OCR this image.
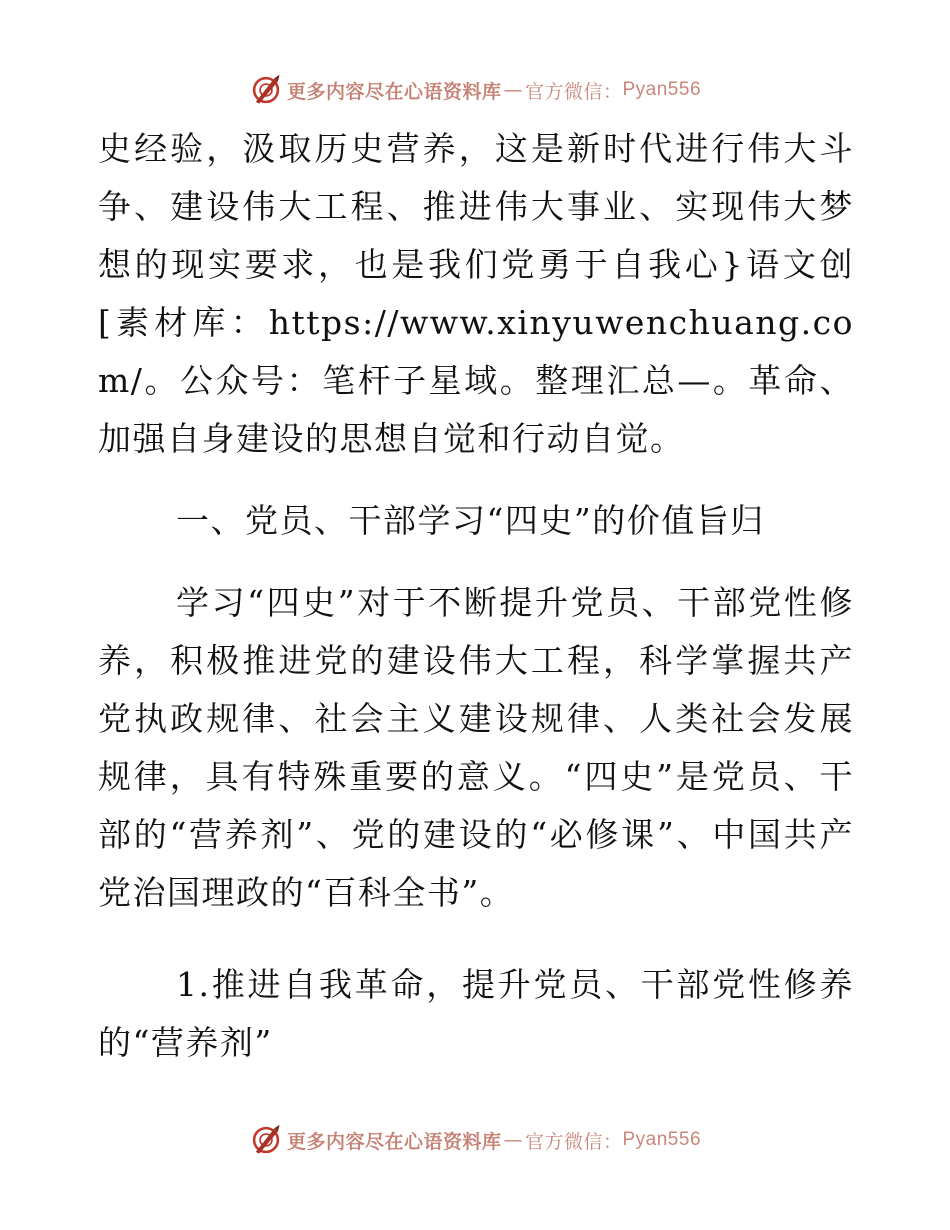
更多内容尽在心语资料库 — 官方微信： Pyan556

史经验，汲取历史营养，这是新时代进行伟大斗争、建设伟大工程、推进伟大事业、实现伟大梦想的现实要求，也是我们党勇于自我心}语文创[素材库：https://www.xinyuwenchuang.com/。公众号：笔杆子星域。整理汇总—。革命、加强自身建设的思想自觉和行动自觉。

一、党员、干部学习“四史”的价值旨归

学习“四史”对于不断提升党员、干部党性修养，积极推进党的建设伟大工程，科学掌握共产党执政规律、社会主义建设规律、人类社会发展规律，具有特殊重要的意义。“四史”是党员、干部的“营养剂”、党的建设的“必修课”、中国共产党治国理政的“百科全书”。

1.推进自我革命，提升党员、干部党性修养的“营养剂”

更多内容尽在心语资料库 — 官方微信： Pyan556
